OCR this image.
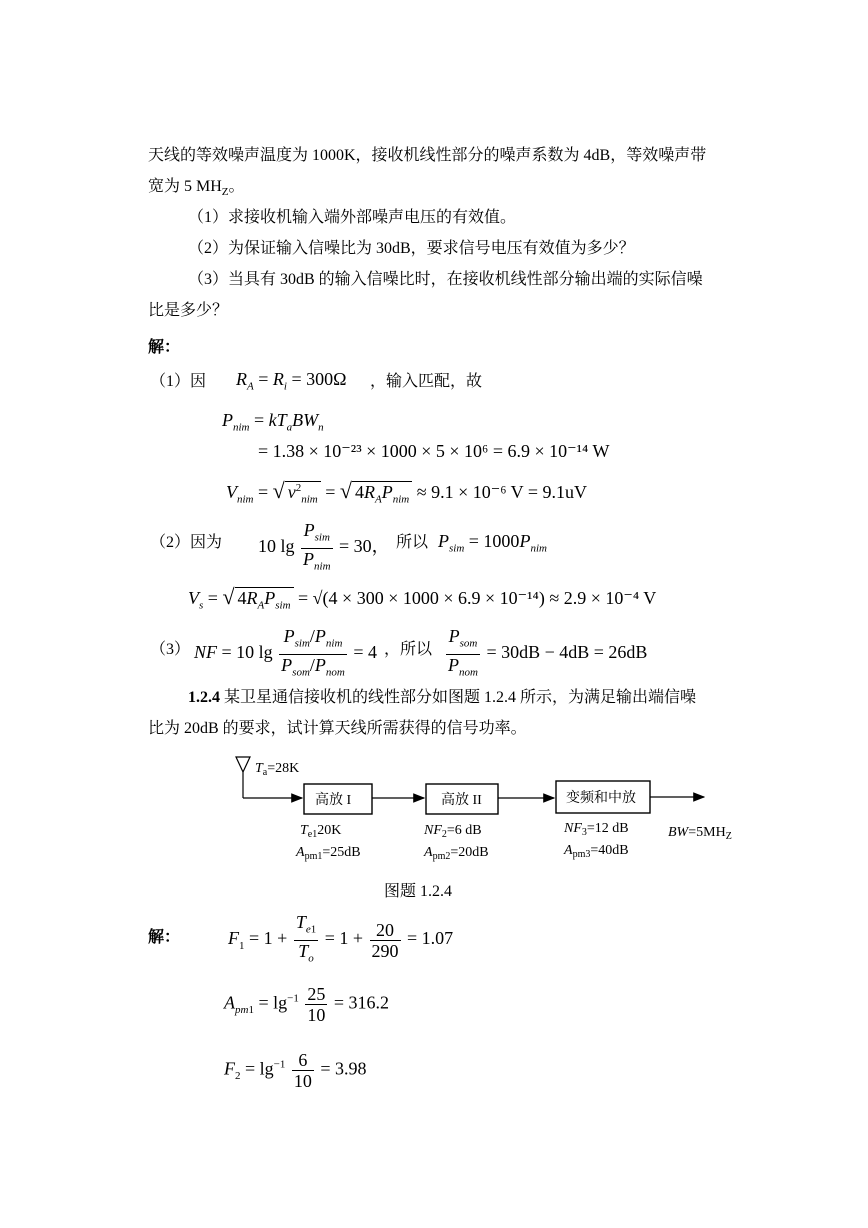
天线的等效噪声温度为 1000K，接收机线性部分的噪声系数为 4dB，等效噪声带
宽为 5 $MH_Z$。
（1）求接收机输入端外部噪声电压的有效值。
（2）为保证输入信噪比为 30dB，要求信号电压有效值为多少？
（3）当具有 30dB 的输入信噪比时，在接收机线性部分输出端的实际信噪
比是多少？
解：
（1）因 $R_A = R_i = 300\Omega$ ，输入匹配，故
$P_{nim} = kT_aBW_n$
= 1.38 × 10⁻²³ × 1000 × 5 × 10⁶ = 6.9 × 10⁻¹⁴ W
$V_{nim}$ = √ $v^2_{nim}$ = √ $4R_AP_{nim} \approx 9.1 \times 10^{-6}$ V = 9.1uV
（2）因为 10 $\lg \frac{P_{sim}}{P_{nim}} = 30$， 所以 $P_{sim} = 1000P_{nim}$
$V_s$ = √ $4R_AP_{sim} = √(4 \times 300 \times 1000 \times 6.9 \times 10^{-14}) \approx 2.9 \times 10^{-4}$ V
（3） NF = 10 $\lg \frac{P_{sim}/P_{nim}}{P_{som}/P_{nom}} = 4$ ，所以 $\frac{P_{som}}{P_{nom}} = 30dB - 4dB = 26dB$
1.2.4 某卫星通信接收机的线性部分如图题 1.2.4 所示，为满足输出端信噪
比为 20dB 的要求，试计算天线所需获得的信号功率。
$T_a=28K$
高放 I	高放 II	变频和中放
$T_{e1}20K$
$A_{pm1}=25dB$
$NF_2=6$ dB
$A_{pm2}=20dB$
$NF_3=12$ dB
$A_{pm3}=40dB$
$BW=5MH_Z$
图题 1.2.4
解：	$F_1 = 1 + \frac{T_{e1}}{T_o} = 1 + \frac{20}{290} = 1.07$
$A_{pm1} = \lg^{-1} \frac{25}{10} = 316.2$
$F_2 = \lg^{-1} \frac{6}{10} = 3.98$
